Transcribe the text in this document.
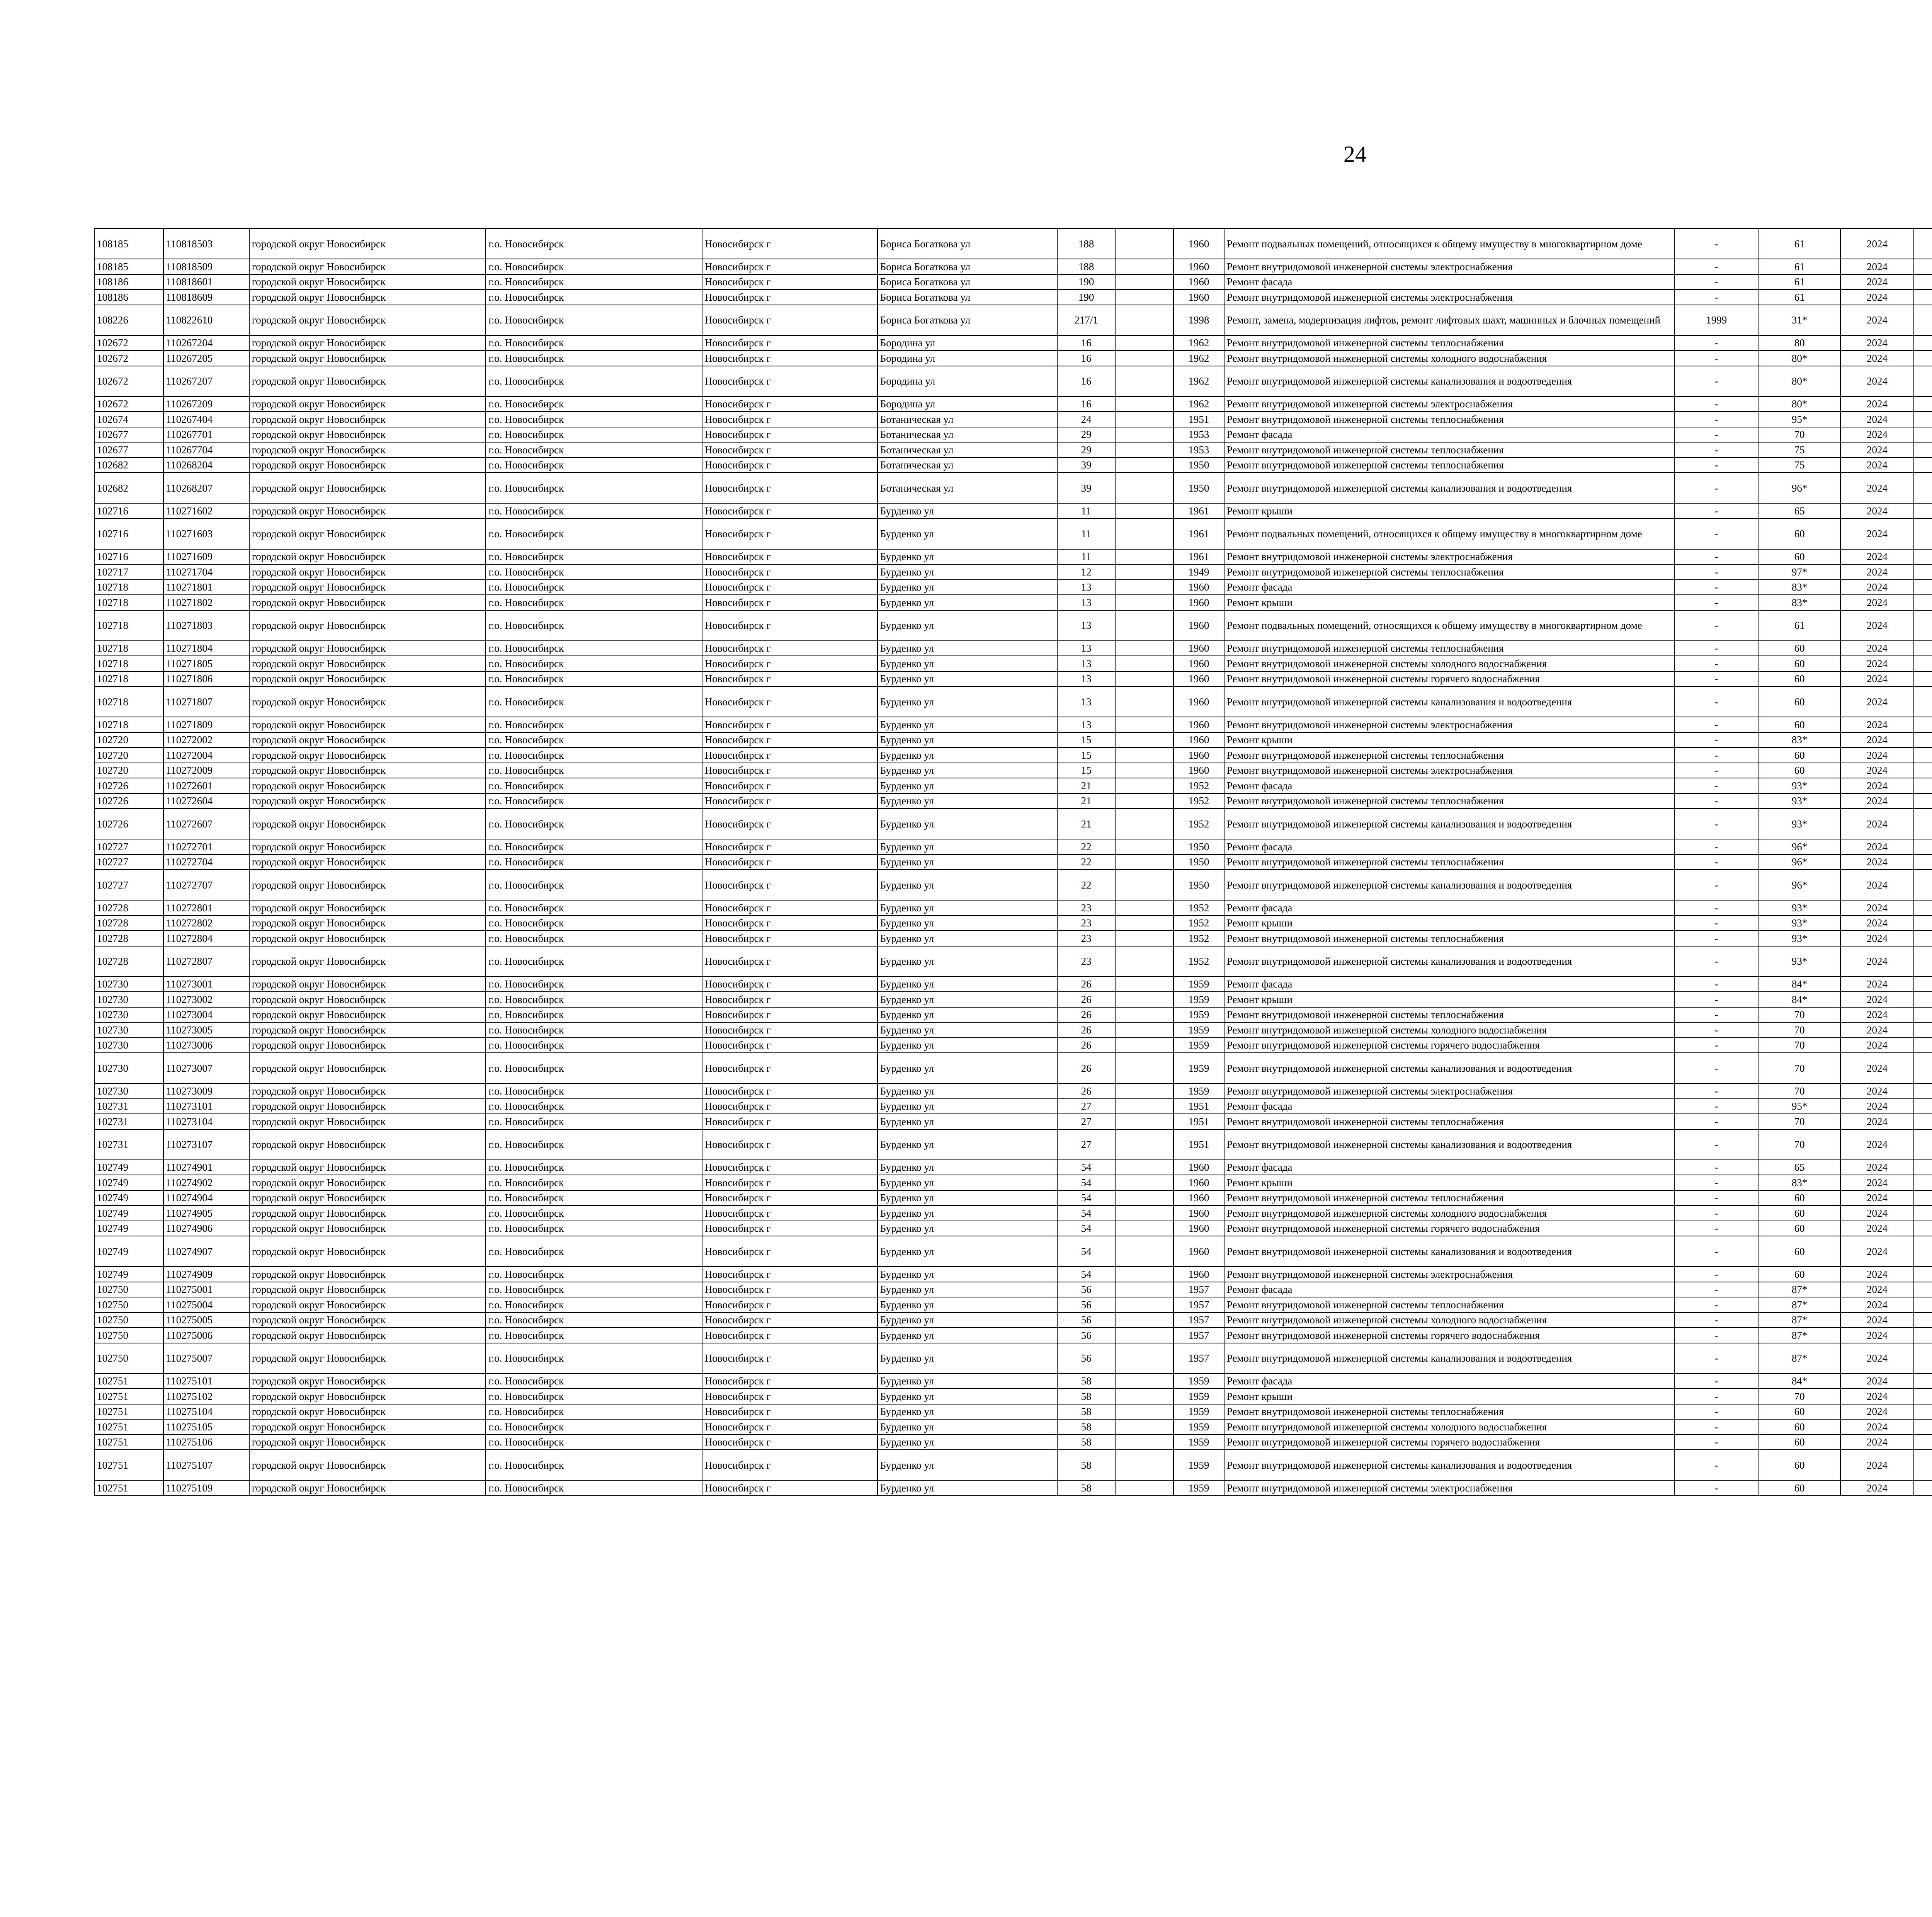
24
108185	110818503	городской округ Новосибирск	г.о. Новосибирск	Новосибирск г	Бориса Богаткова ул	188		1960	Ремонт подвальных помещений, относящихся к общему имуществу в многоквартирном доме	-	61	2024						
108185	110818509	городской округ Новосибирск	г.о. Новосибирск	Новосибирск г	Бориса Богаткова ул	188		1960	Ремонт внутридомовой инженерной системы электроснабжения	-	61	2024						
108186	110818601	городской округ Новосибирск	г.о. Новосибирск	Новосибирск г	Бориса Богаткова ул	190		1960	Ремонт фасада	-	61	2024						
108186	110818609	городской округ Новосибирск	г.о. Новосибирск	Новосибирск г	Бориса Богаткова ул	190		1960	Ремонт внутридомовой инженерной системы электроснабжения	-	61	2024						
108226	110822610	городской округ Новосибирск	г.о. Новосибирск	Новосибирск г	Бориса Богаткова ул	217/1		1998	Ремонт, замена, модернизация лифтов, ремонт лифтовых шахт, машинных и блочных помещений	1999	31*	2024						
102672	110267204	городской округ Новосибирск	г.о. Новосибирск	Новосибирск г	Бородина ул	16		1962	Ремонт внутридомовой инженерной системы теплоснабжения	-	80	2024						
102672	110267205	городской округ Новосибирск	г.о. Новосибирск	Новосибирск г	Бородина ул	16		1962	Ремонт внутридомовой инженерной системы холодного водоснабжения	-	80*	2024						
102672	110267207	городской округ Новосибирск	г.о. Новосибирск	Новосибирск г	Бородина ул	16		1962	Ремонт внутридомовой инженерной системы канализования и водоотведения	-	80*	2024						
102672	110267209	городской округ Новосибирск	г.о. Новосибирск	Новосибирск г	Бородина ул	16		1962	Ремонт внутридомовой инженерной системы электроснабжения	-	80*	2024						
102674	110267404	городской округ Новосибирск	г.о. Новосибирск	Новосибирск г	Ботаническая ул	24		1951	Ремонт внутридомовой инженерной системы теплоснабжения	-	95*	2024						
102677	110267701	городской округ Новосибирск	г.о. Новосибирск	Новосибирск г	Ботаническая ул	29		1953	Ремонт фасада	-	70	2024						
102677	110267704	городской округ Новосибирск	г.о. Новосибирск	Новосибирск г	Ботаническая ул	29		1953	Ремонт внутридомовой инженерной системы теплоснабжения	-	75	2024						
102682	110268204	городской округ Новосибирск	г.о. Новосибирск	Новосибирск г	Ботаническая ул	39		1950	Ремонт внутридомовой инженерной системы теплоснабжения	-	75	2024						
102682	110268207	городской округ Новосибирск	г.о. Новосибирск	Новосибирск г	Ботаническая ул	39		1950	Ремонт внутридомовой инженерной системы канализования и водоотведения	-	96*	2024						
102716	110271602	городской округ Новосибирск	г.о. Новосибирск	Новосибирск г	Бурденко ул	11		1961	Ремонт крыши	-	65	2024						
102716	110271603	городской округ Новосибирск	г.о. Новосибирск	Новосибирск г	Бурденко ул	11		1961	Ремонт подвальных помещений, относящихся к общему имуществу в многоквартирном доме	-	60	2024						
102716	110271609	городской округ Новосибирск	г.о. Новосибирск	Новосибирск г	Бурденко ул	11		1961	Ремонт внутридомовой инженерной системы электроснабжения	-	60	2024						
102717	110271704	городской округ Новосибирск	г.о. Новосибирск	Новосибирск г	Бурденко ул	12		1949	Ремонт внутридомовой инженерной системы теплоснабжения	-	97*	2024						
102718	110271801	городской округ Новосибирск	г.о. Новосибирск	Новосибирск г	Бурденко ул	13		1960	Ремонт фасада	-	83*	2024						
102718	110271802	городской округ Новосибирск	г.о. Новосибирск	Новосибирск г	Бурденко ул	13		1960	Ремонт крыши	-	83*	2024						
102718	110271803	городской округ Новосибирск	г.о. Новосибирск	Новосибирск г	Бурденко ул	13		1960	Ремонт подвальных помещений, относящихся к общему имуществу в многоквартирном доме	-	61	2024						
102718	110271804	городской округ Новосибирск	г.о. Новосибирск	Новосибирск г	Бурденко ул	13		1960	Ремонт внутридомовой инженерной системы теплоснабжения	-	60	2024						
102718	110271805	городской округ Новосибирск	г.о. Новосибирск	Новосибирск г	Бурденко ул	13		1960	Ремонт внутридомовой инженерной системы холодного водоснабжения	-	60	2024						
102718	110271806	городской округ Новосибирск	г.о. Новосибирск	Новосибирск г	Бурденко ул	13		1960	Ремонт внутридомовой инженерной системы горячего водоснабжения	-	60	2024						
102718	110271807	городской округ Новосибирск	г.о. Новосибирск	Новосибирск г	Бурденко ул	13		1960	Ремонт внутридомовой инженерной системы канализования и водоотведения	-	60	2024						
102718	110271809	городской округ Новосибирск	г.о. Новосибирск	Новосибирск г	Бурденко ул	13		1960	Ремонт внутридомовой инженерной системы электроснабжения	-	60	2024						
102720	110272002	городской округ Новосибирск	г.о. Новосибирск	Новосибирск г	Бурденко ул	15		1960	Ремонт крыши	-	83*	2024						
102720	110272004	городской округ Новосибирск	г.о. Новосибирск	Новосибирск г	Бурденко ул	15		1960	Ремонт внутридомовой инженерной системы теплоснабжения	-	60	2024						
102720	110272009	городской округ Новосибирск	г.о. Новосибирск	Новосибирск г	Бурденко ул	15		1960	Ремонт внутридомовой инженерной системы электроснабжения	-	60	2024						
102726	110272601	городской округ Новосибирск	г.о. Новосибирск	Новосибирск г	Бурденко ул	21		1952	Ремонт фасада	-	93*	2024						
102726	110272604	городской округ Новосибирск	г.о. Новосибирск	Новосибирск г	Бурденко ул	21		1952	Ремонт внутридомовой инженерной системы теплоснабжения	-	93*	2024						
102726	110272607	городской округ Новосибирск	г.о. Новосибирск	Новосибирск г	Бурденко ул	21		1952	Ремонт внутридомовой инженерной системы канализования и водоотведения	-	93*	2024						
102727	110272701	городской округ Новосибирск	г.о. Новосибирск	Новосибирск г	Бурденко ул	22		1950	Ремонт фасада	-	96*	2024						
102727	110272704	городской округ Новосибирск	г.о. Новосибирск	Новосибирск г	Бурденко ул	22		1950	Ремонт внутридомовой инженерной системы теплоснабжения	-	96*	2024						
102727	110272707	городской округ Новосибирск	г.о. Новосибирск	Новосибирск г	Бурденко ул	22		1950	Ремонт внутридомовой инженерной системы канализования и водоотведения	-	96*	2024						
102728	110272801	городской округ Новосибирск	г.о. Новосибирск	Новосибирск г	Бурденко ул	23		1952	Ремонт фасада	-	93*	2024						
102728	110272802	городской округ Новосибирск	г.о. Новосибирск	Новосибирск г	Бурденко ул	23		1952	Ремонт крыши	-	93*	2024						
102728	110272804	городской округ Новосибирск	г.о. Новосибирск	Новосибирск г	Бурденко ул	23		1952	Ремонт внутридомовой инженерной системы теплоснабжения	-	93*	2024						
102728	110272807	городской округ Новосибирск	г.о. Новосибирск	Новосибирск г	Бурденко ул	23		1952	Ремонт внутридомовой инженерной системы канализования и водоотведения	-	93*	2024						
102730	110273001	городской округ Новосибирск	г.о. Новосибирск	Новосибирск г	Бурденко ул	26		1959	Ремонт фасада	-	84*	2024						
102730	110273002	городской округ Новосибирск	г.о. Новосибирск	Новосибирск г	Бурденко ул	26		1959	Ремонт крыши	-	84*	2024						
102730	110273004	городской округ Новосибирск	г.о. Новосибирск	Новосибирск г	Бурденко ул	26		1959	Ремонт внутридомовой инженерной системы теплоснабжения	-	70	2024						
102730	110273005	городской округ Новосибирск	г.о. Новосибирск	Новосибирск г	Бурденко ул	26		1959	Ремонт внутридомовой инженерной системы холодного водоснабжения	-	70	2024						
102730	110273006	городской округ Новосибирск	г.о. Новосибирск	Новосибирск г	Бурденко ул	26		1959	Ремонт внутридомовой инженерной системы горячего водоснабжения	-	70	2024						
102730	110273007	городской округ Новосибирск	г.о. Новосибирск	Новосибирск г	Бурденко ул	26		1959	Ремонт внутридомовой инженерной системы канализования и водоотведения	-	70	2024						
102730	110273009	городской округ Новосибирск	г.о. Новосибирск	Новосибирск г	Бурденко ул	26		1959	Ремонт внутридомовой инженерной системы электроснабжения	-	70	2024						
102731	110273101	городской округ Новосибирск	г.о. Новосибирск	Новосибирск г	Бурденко ул	27		1951	Ремонт фасада	-	95*	2024						
102731	110273104	городской округ Новосибирск	г.о. Новосибирск	Новосибирск г	Бурденко ул	27		1951	Ремонт внутридомовой инженерной системы теплоснабжения	-	70	2024						
102731	110273107	городской округ Новосибирск	г.о. Новосибирск	Новосибирск г	Бурденко ул	27		1951	Ремонт внутридомовой инженерной системы канализования и водоотведения	-	70	2024						
102749	110274901	городской округ Новосибирск	г.о. Новосибирск	Новосибирск г	Бурденко ул	54		1960	Ремонт фасада	-	65	2024						
102749	110274902	городской округ Новосибирск	г.о. Новосибирск	Новосибирск г	Бурденко ул	54		1960	Ремонт крыши	-	83*	2024						
102749	110274904	городской округ Новосибирск	г.о. Новосибирск	Новосибирск г	Бурденко ул	54		1960	Ремонт внутридомовой инженерной системы теплоснабжения	-	60	2024						
102749	110274905	городской округ Новосибирск	г.о. Новосибирск	Новосибирск г	Бурденко ул	54		1960	Ремонт внутридомовой инженерной системы холодного водоснабжения	-	60	2024						
102749	110274906	городской округ Новосибирск	г.о. Новосибирск	Новосибирск г	Бурденко ул	54		1960	Ремонт внутридомовой инженерной системы горячего водоснабжения	-	60	2024						
102749	110274907	городской округ Новосибирск	г.о. Новосибирск	Новосибирск г	Бурденко ул	54		1960	Ремонт внутридомовой инженерной системы канализования и водоотведения	-	60	2024						
102749	110274909	городской округ Новосибирск	г.о. Новосибирск	Новосибирск г	Бурденко ул	54		1960	Ремонт внутридомовой инженерной системы электроснабжения	-	60	2024						
102750	110275001	городской округ Новосибирск	г.о. Новосибирск	Новосибирск г	Бурденко ул	56		1957	Ремонт фасада	-	87*	2024						
102750	110275004	городской округ Новосибирск	г.о. Новосибирск	Новосибирск г	Бурденко ул	56		1957	Ремонт внутридомовой инженерной системы теплоснабжения	-	87*	2024						
102750	110275005	городской округ Новосибирск	г.о. Новосибирск	Новосибирск г	Бурденко ул	56		1957	Ремонт внутридомовой инженерной системы холодного водоснабжения	-	87*	2024						
102750	110275006	городской округ Новосибирск	г.о. Новосибирск	Новосибирск г	Бурденко ул	56		1957	Ремонт внутридомовой инженерной системы горячего водоснабжения	-	87*	2024						
102750	110275007	городской округ Новосибирск	г.о. Новосибирск	Новосибирск г	Бурденко ул	56		1957	Ремонт внутридомовой инженерной системы канализования и водоотведения	-	87*	2024						
102751	110275101	городской округ Новосибирск	г.о. Новосибирск	Новосибирск г	Бурденко ул	58		1959	Ремонт фасада	-	84*	2024						
102751	110275102	городской округ Новосибирск	г.о. Новосибирск	Новосибирск г	Бурденко ул	58		1959	Ремонт крыши	-	70	2024						
102751	110275104	городской округ Новосибирск	г.о. Новосибирск	Новосибирск г	Бурденко ул	58		1959	Ремонт внутридомовой инженерной системы теплоснабжения	-	60	2024						
102751	110275105	городской округ Новосибирск	г.о. Новосибирск	Новосибирск г	Бурденко ул	58		1959	Ремонт внутридомовой инженерной системы холодного водоснабжения	-	60	2024						
102751	110275106	городской округ Новосибирск	г.о. Новосибирск	Новосибирск г	Бурденко ул	58		1959	Ремонт внутридомовой инженерной системы горячего водоснабжения	-	60	2024						
102751	110275107	городской округ Новосибирск	г.о. Новосибирск	Новосибирск г	Бурденко ул	58		1959	Ремонт внутридомовой инженерной системы канализования и водоотведения	-	60	2024						
102751	110275109	городской округ Новосибирск	г.о. Новосибирск	Новосибирск г	Бурденко ул	58		1959	Ремонт внутридомовой инженерной системы электроснабжения	-	60	2024						
